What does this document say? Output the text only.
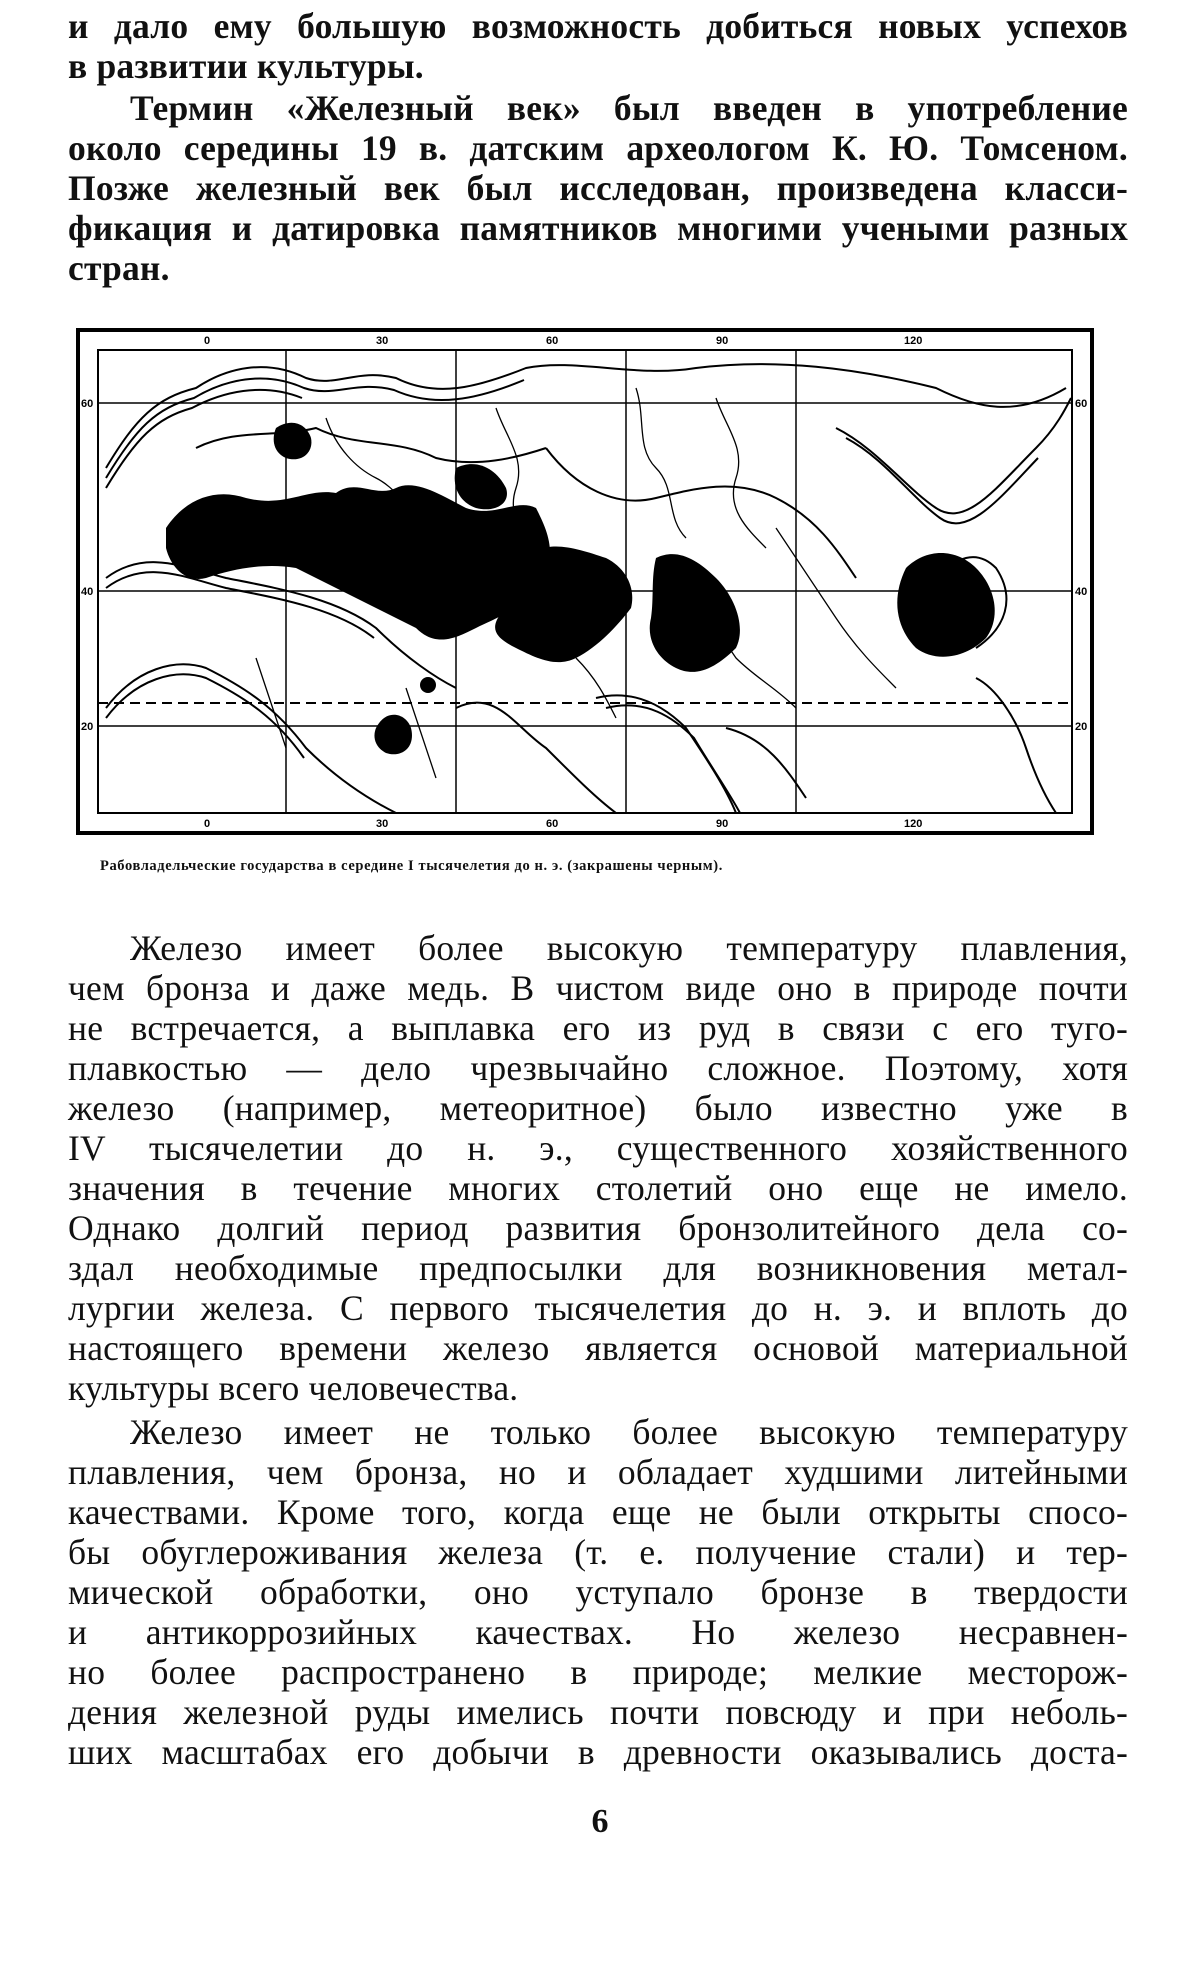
и дало ему большую возможность добиться новых успехов
в развитии культуры.
Термин «Железный век» был введен в употребление
около середины 19 в. датским археологом К. Ю. Томсеном.
Позже железный век был исследован, произведена класси-
фикация и датировка памятников многими учеными разных
стран.
0	30	60	90	120
0	30	60	90	120
60
40
20
60
40
20
Рабовладельческие государства в середине I тысячелетия до н. э. (закрашены черным).
Железо имеет более высокую температуру плавления,
чем бронза и даже медь. В чистом виде оно в природе почти
не встречается, а выплавка его из руд в связи с его туго-
плавкостью — дело чрезвычайно сложное. Поэтому, хотя
железо (например, метеоритное) было известно уже в
IV тысячелетии до н. э., существенного хозяйственного
значения в течение многих столетий оно еще не имело.
Однако долгий период развития бронзолитейного дела со-
здал необходимые предпосылки для возникновения метал-
лургии железа. С первого тысячелетия до н. э. и вплоть до
настоящего времени железо является основой материальной
культуры всего человечества.
Железо имеет не только более высокую температуру
плавления, чем бронза, но и обладает худшими литейными
качествами. Кроме того, когда еще не были открыты спосо-
бы обуглероживания железа (т. е. получение стали) и тер-
мической обработки, оно уступало бронзе в твердости
и антикоррозийных качествах. Но железо несравнен-
но более распространено в природе; мелкие месторож-
дения железной руды имелись почти повсюду и при неболь-
ших масштабах его добычи в древности оказывались доста-
6
